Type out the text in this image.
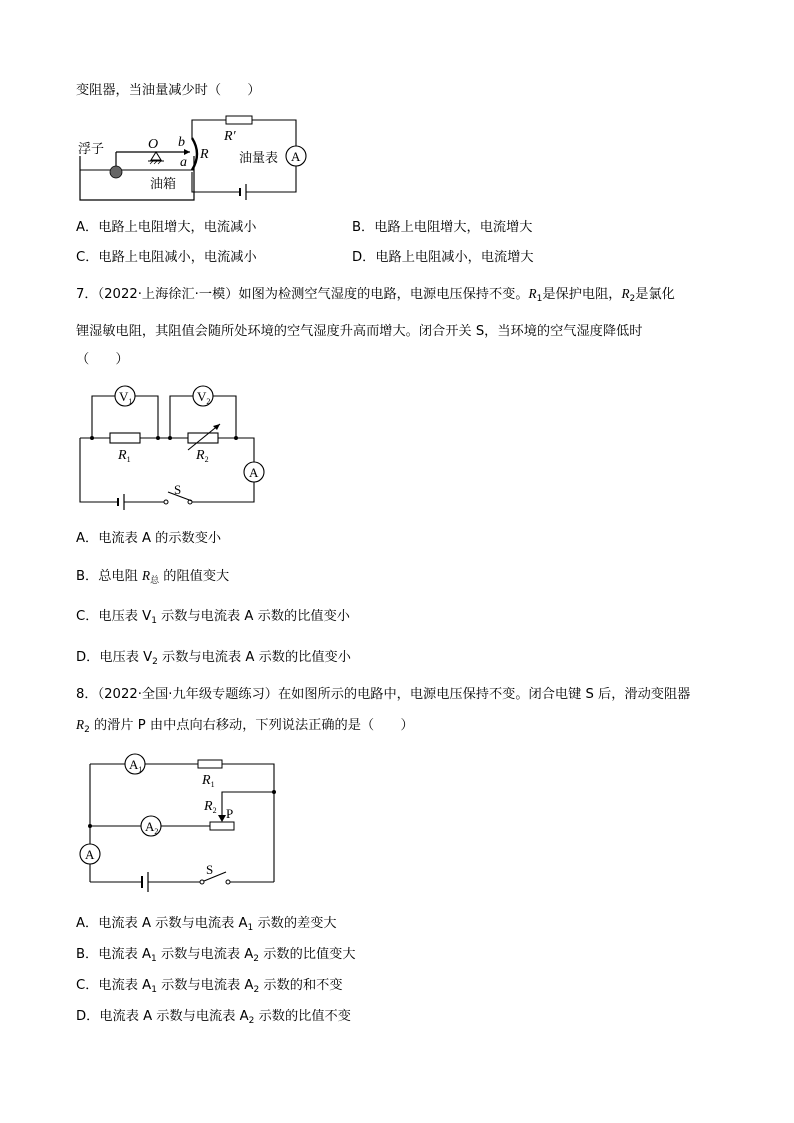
变阻器，当油量减少时（　　）
浮子
油箱
油量表
O b
a
R
R′
A
A．电路上电阻增大，电流减小	B．电路上电阻增大，电流增大
C．电路上电阻减小，电流减小	D．电路上电阻减小，电流增大
7．（2022·上海徐汇·一模）如图为检测空气湿度的电路，电源电压保持不变。$R_1$是保护电阻，$R_2$是氯化
锂湿敏电阻，其阻值会随所处环境的空气湿度升高而增大。闭合开关 S，当环境的空气湿度降低时
（　　）
$V_1$	$V_2$
$R_1$	$R_2$
A
S
A．电流表 A 的示数变小
B．总电阻 $R_总$ 的阻值变大
C．电压表 $V_1$ 示数与电流表 A 示数的比值变小
D．电压表 $V_2$ 示数与电流表 A 示数的比值变小
8．（2022·全国·九年级专题练习）在如图所示的电路中，电源电压保持不变。闭合电键 S 后，滑动变阻器
$R_2$ 的滑片 P 由中点向右移动，下列说法正确的是（　　）
$A_1$
$A_2$
A
$R_1$
$R_2$ P
S
A．电流表 A 示数与电流表 $A_1$ 示数的差变大
B．电流表 $A_1$ 示数与电流表 $A_2$ 示数的比值变大
C．电流表 $A_1$ 示数与电流表 $A_2$ 示数的和不变
D．电流表 A 示数与电流表 $A_2$ 示数的比值不变
